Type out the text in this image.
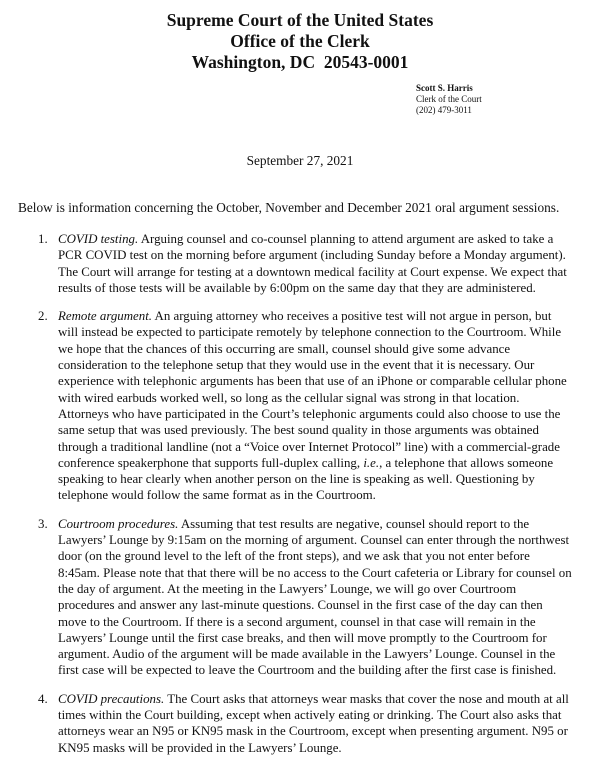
Supreme Court of the United States
Office of the Clerk
Washington, DC  20543-0001
Scott S. Harris
Clerk of the Court
(202) 479-3011
September 27, 2021
Below is information concerning the October, November and December 2021 oral argument sessions.
1. COVID testing. Arguing counsel and co-counsel planning to attend argument are asked to take a PCR COVID test on the morning before argument (including Sunday before a Monday argument). The Court will arrange for testing at a downtown medical facility at Court expense. We expect that results of those tests will be available by 6:00pm on the same day that they are administered.
2. Remote argument. An arguing attorney who receives a positive test will not argue in person, but will instead be expected to participate remotely by telephone connection to the Courtroom. While we hope that the chances of this occurring are small, counsel should give some advance consideration to the telephone setup that they would use in the event that it is necessary. Our experience with telephonic arguments has been that use of an iPhone or comparable cellular phone with wired earbuds worked well, so long as the cellular signal was strong in that location. Attorneys who have participated in the Court’s telephonic arguments could also choose to use the same setup that was used previously. The best sound quality in those arguments was obtained through a traditional landline (not a “Voice over Internet Protocol” line) with a commercial-grade conference speakerphone that supports full-duplex calling, i.e., a telephone that allows someone speaking to hear clearly when another person on the line is speaking as well. Questioning by telephone would follow the same format as in the Courtroom.
3. Courtroom procedures. Assuming that test results are negative, counsel should report to the Lawyers’ Lounge by 9:15am on the morning of argument. Counsel can enter through the northwest door (on the ground level to the left of the front steps), and we ask that you not enter before 8:45am. Please note that that there will be no access to the Court cafeteria or Library for counsel on the day of argument. At the meeting in the Lawyers’ Lounge, we will go over Courtroom procedures and answer any last-minute questions. Counsel in the first case of the day can then move to the Courtroom. If there is a second argument, counsel in that case will remain in the Lawyers’ Lounge until the first case breaks, and then will move promptly to the Courtroom for argument. Audio of the argument will be made available in the Lawyers’ Lounge. Counsel in the first case will be expected to leave the Courtroom and the building after the first case is finished.
4. COVID precautions. The Court asks that attorneys wear masks that cover the nose and mouth at all times within the Court building, except when actively eating or drinking. The Court also asks that attorneys wear an N95 or KN95 mask in the Courtroom, except when presenting argument. N95 or KN95 masks will be provided in the Lawyers’ Lounge.
